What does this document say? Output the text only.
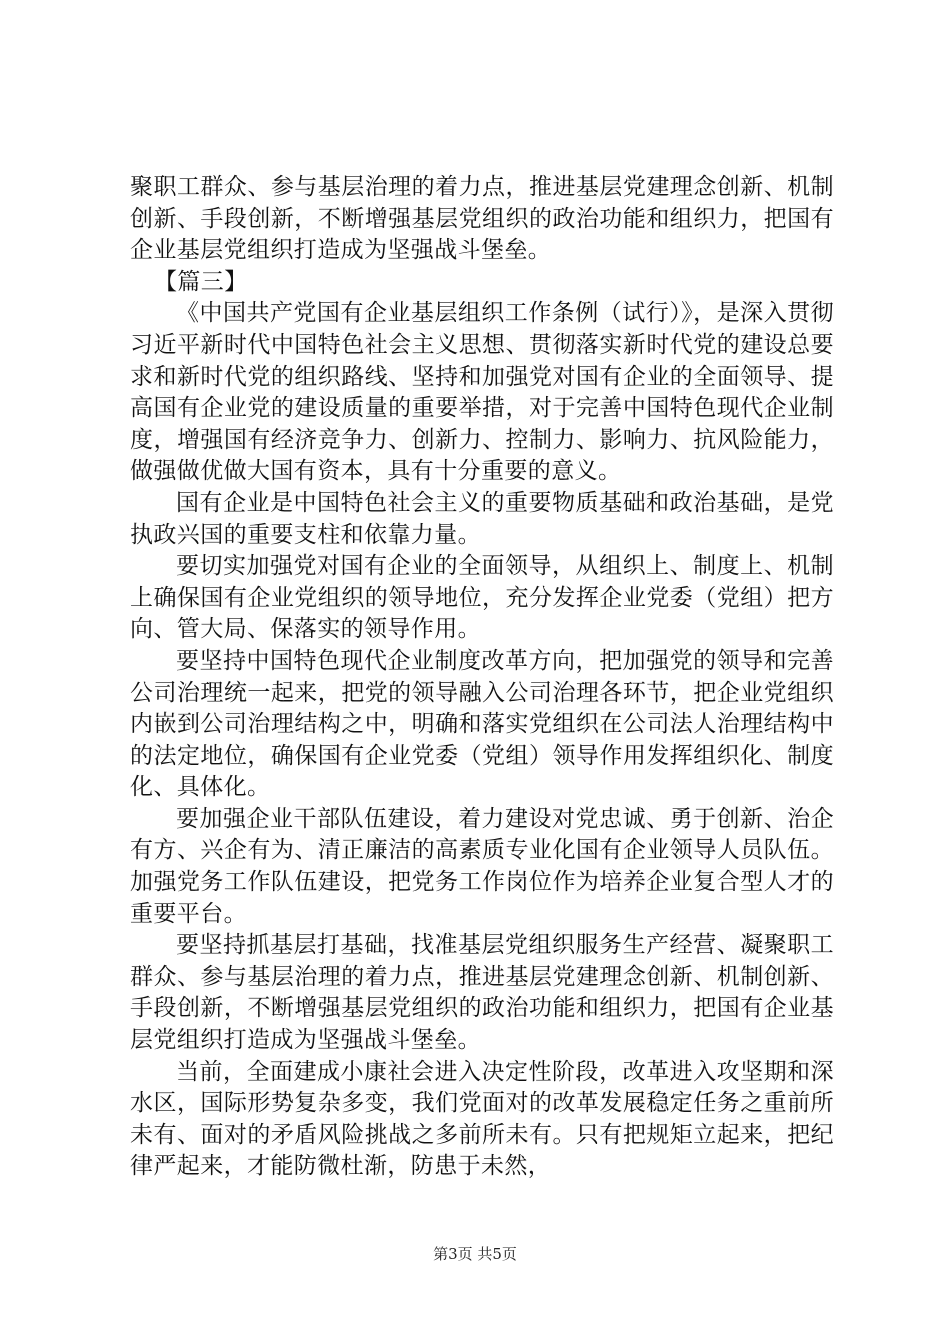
聚职工群众、参与基层治理的着力点，推进基层党建理念创新、机制创新、手段创新，不断增强基层党组织的政治功能和组织力，把国有企业基层党组织打造成为坚强战斗堡垒。

【篇三】

《中国共产党国有企业基层组织工作条例（试行）》，是深入贯彻习近平新时代中国特色社会主义思想、贯彻落实新时代党的建设总要求和新时代党的组织路线、坚持和加强党对国有企业的全面领导、提高国有企业党的建设质量的重要举措，对于完善中国特色现代企业制度，增强国有经济竞争力、创新力、控制力、影响力、抗风险能力，做强做优做大国有资本，具有十分重要的意义。

国有企业是中国特色社会主义的重要物质基础和政治基础，是党执政兴国的重要支柱和依靠力量。

要切实加强党对国有企业的全面领导，从组织上、制度上、机制上确保国有企业党组织的领导地位，充分发挥企业党委（党组）把方向、管大局、保落实的领导作用。

要坚持中国特色现代企业制度改革方向，把加强党的领导和完善公司治理统一起来，把党的领导融入公司治理各环节，把企业党组织内嵌到公司治理结构之中，明确和落实党组织在公司法人治理结构中的法定地位，确保国有企业党委（党组）领导作用发挥组织化、制度化、具体化。

要加强企业干部队伍建设，着力建设对党忠诚、勇于创新、治企有方、兴企有为、清正廉洁的高素质专业化国有企业领导人员队伍。加强党务工作队伍建设，把党务工作岗位作为培养企业复合型人才的重要平台。

要坚持抓基层打基础，找准基层党组织服务生产经营、凝聚职工群众、参与基层治理的着力点，推进基层党建理念创新、机制创新、手段创新，不断增强基层党组织的政治功能和组织力，把国有企业基层党组织打造成为坚强战斗堡垒。

当前，全面建成小康社会进入决定性阶段，改革进入攻坚期和深水区，国际形势复杂多变，我们党面对的改革发展稳定任务之重前所未有、面对的矛盾风险挑战之多前所未有。只有把规矩立起来，把纪律严起来，才能防微杜渐，防患于未然，

第3页 共5页
